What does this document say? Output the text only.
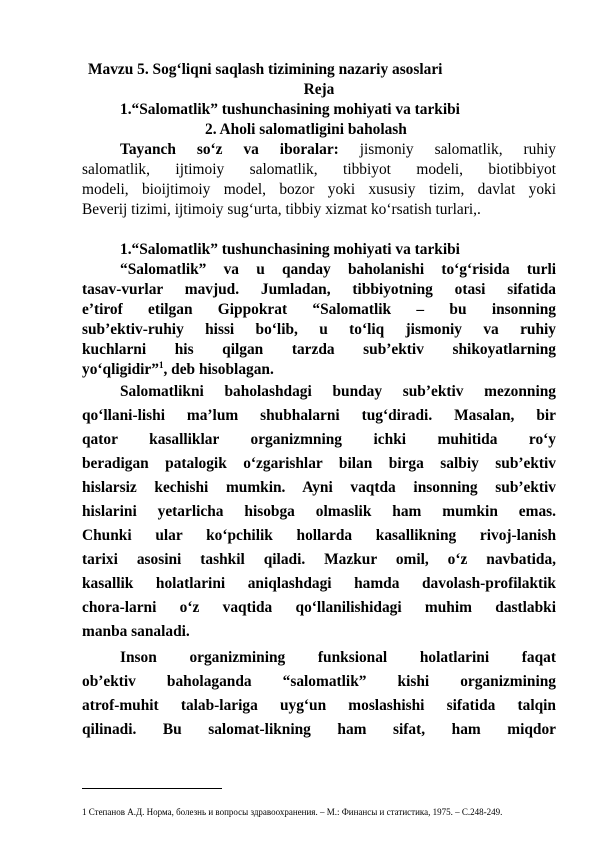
Mavzu 5. Sog‘liqni saqlash tizimining nazariy asoslari

Reja

1.“Salomatlik” tushunchasining mohiyati va tarkibi

2. Aholi salomatligini baholash

Tayanch so‘z va iboralar: jismoniy salomatlik, ruhiy

salomatlik, ijtimoiy salomatlik, tibbiyot modeli, biotibbiyot

modeli, bioijtimoiy model, bozor yoki xususiy tizim, davlat yoki

Beverij tizimi, ijtimoiy sug‘urta, tibbiy xizmat ko‘rsatish turlari,.

1.“Salomatlik” tushunchasining mohiyati va tarkibi

“Salomatlik” va u qanday baholanishi to‘g‘risida turli

tasav-vurlar mavjud. Jumladan, tibbiyotning otasi sifatida

e’tirof etilgan Gippokrat “Salomatlik – bu insonning

sub’ektiv-ruhiy hissi bo‘lib, u to‘liq jismoniy va ruhiy

kuchlarni his qilgan tarzda sub’ektiv shikoyatlarning

yo‘qligidir”$^1$, deb hisoblagan.

Salomatlikni baholashdagi bunday sub’ektiv mezonning

qo‘llani-lishi ma’lum shubhalarni tug‘diradi. Masalan, bir

qator kasalliklar organizmning ichki muhitida ro‘y

beradigan patalogik o‘zgarishlar bilan birga salbiy sub’ektiv

hislarsiz kechishi mumkin. Ayni vaqtda insonning sub’ektiv

hislarini yetarlicha hisobga olmaslik ham mumkin emas.

Chunki ular ko‘pchilik hollarda kasallikning rivoj-lanish

tarixi asosini tashkil qiladi. Mazkur omil, o‘z navbatida,

kasallik holatlarini aniqlashdagi hamda davolash-profilaktik

chora-larni o‘z vaqtida qo‘llanilishidagi muhim dastlabki

manba sanaladi.

Inson organizmining funksional holatlarini faqat

ob’ektiv baholaganda “salomatlik” kishi organizmining

atrof-muhit talab-lariga uyg‘un moslashishi sifatida talqin

qilinadi. Bu salomat-likning ham sifat, ham miqdor

1 Степанов А.Д. Норма, болезнь и вопросы здравоохранения. – М.: Финансы и статистика, 1975. – С.248-249.
